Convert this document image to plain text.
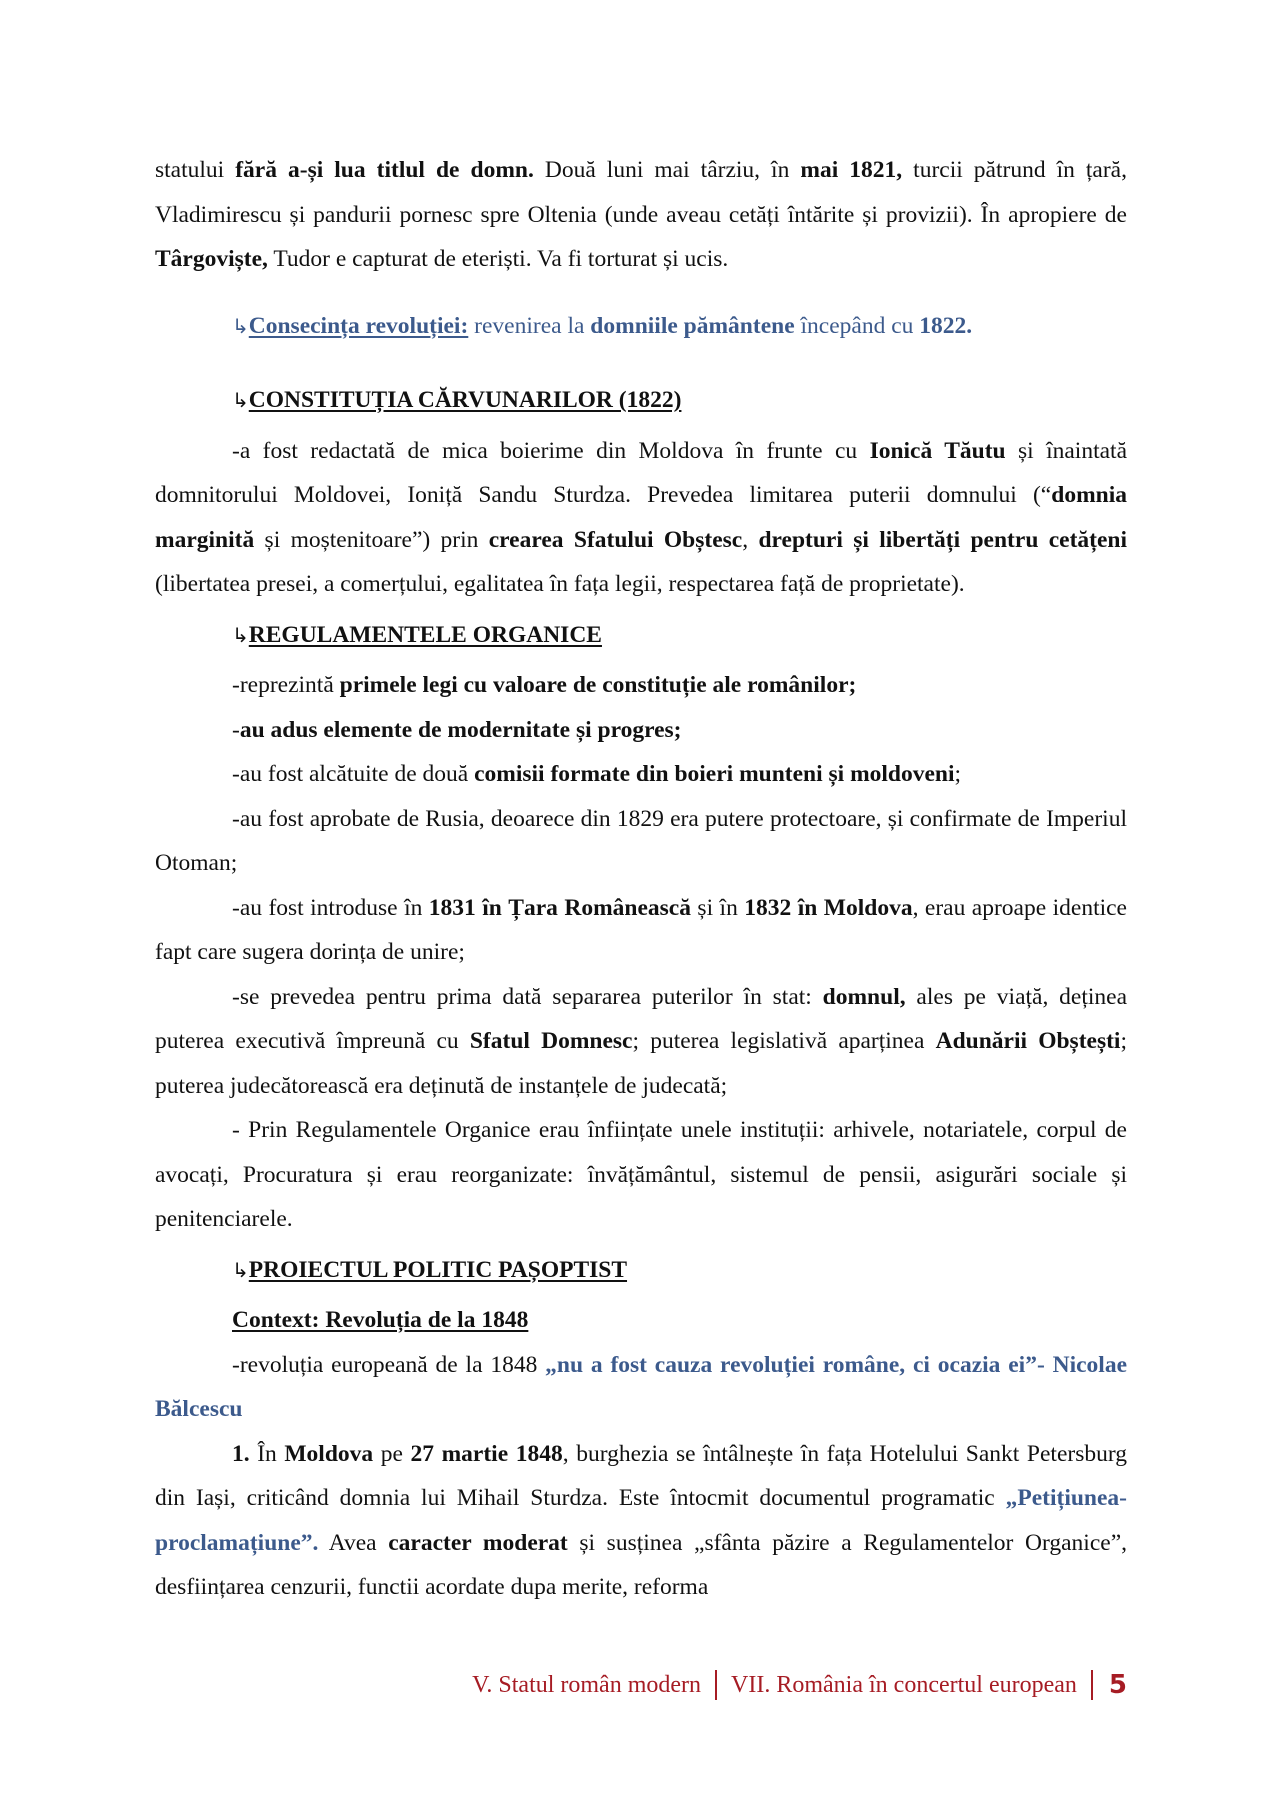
statului fără a-și lua titlul de domn. Două luni mai târziu, în mai 1821, turcii pătrund în țară, Vladimirescu și pandurii pornesc spre Oltenia (unde aveau cetăți întărite și provizii). În apropiere de Târgoviște, Tudor e capturat de eteriști. Va fi torturat și ucis.

↳Consecința revoluției: revenirea la domniile pământene începând cu 1822.

↳CONSTITUȚIA CĂRVUNARILOR (1822)

-a fost redactată de mica boierime din Moldova în frunte cu Ionică Tăutu și înaintată domnitorului Moldovei, Ioniță Sandu Sturdza. Prevedea limitarea puterii domnului (“domnia marginită și moștenitoare”) prin crearea Sfatului Obștesc, drepturi și libertăți pentru cetățeni (libertatea presei, a comerțului, egalitatea în fața legii, respectarea față de proprietate).

↳REGULAMENTELE ORGANICE

-reprezintă primele legi cu valoare de constituție ale românilor;

-au adus elemente de modernitate și progres;

-au fost alcătuite de două comisii formate din boieri munteni și moldoveni;

-au fost aprobate de Rusia, deoarece din 1829 era putere protectoare, și confirmate de Imperiul Otoman;

-au fost introduse în 1831 în Țara Românească și în 1832 în Moldova, erau aproape identice fapt care sugera dorința de unire;

-se prevedea pentru prima dată separarea puterilor în stat: domnul, ales pe viață, deținea puterea executivă împreună cu Sfatul Domnesc; puterea legislativă aparținea Adunării Obștești; puterea judecătorească era deținută de instanțele de judecată;

- Prin Regulamentele Organice erau înființate unele instituții: arhivele, notariatele, corpul de avocați, Procuratura și erau reorganizate: învățământul, sistemul de pensii, asigurări sociale și penitenciarele.

↳PROIECTUL POLITIC PAȘOPTIST

Context: Revoluția de la 1848

-revoluția europeană de la 1848 „nu a fost cauza revoluției române, ci ocazia ei”- Nicolae Bălcescu

1. În Moldova pe 27 martie 1848, burghezia se întâlnește în fața Hotelului Sankt Petersburg din Iași, criticând domnia lui Mihail Sturdza. Este întocmit documentul programatic „Petițiunea-proclamațiune”. Avea caracter moderat și susținea „sfânta păzire a Regulamentelor Organice”, desființarea cenzurii, functii acordate dupa merite, reforma

V. Statul român modern VII. România în concertul european 5
